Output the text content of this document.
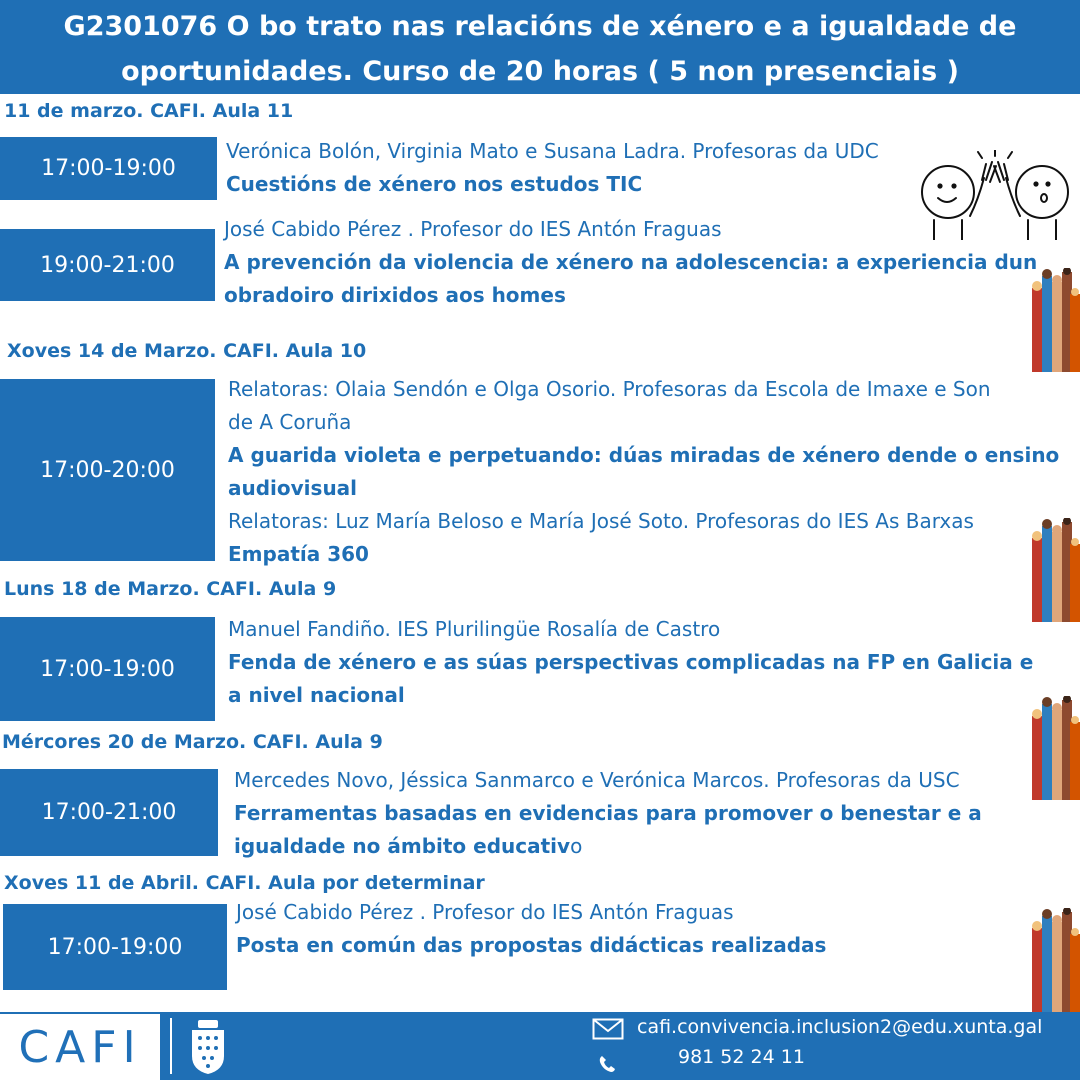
G2301076 O bo trato nas relacións de xénero e a igualdade de
oportunidades. Curso de 20 horas ( 5 non presenciais )
11 de marzo. CAFI. Aula 11
17:00-19:00
Verónica Bolón, Virginia Mato e Susana Ladra. Profesoras da UDC
Cuestións de xénero nos estudos TIC
19:00-21:00
José Cabido Pérez . Profesor do IES Antón Fraguas
A prevención da violencia de xénero na adolescencia: a experiencia dun
obradoiro dirixidos aos homes
Xoves 14 de Marzo. CAFI. Aula 10
17:00-20:00
Relatoras: Olaia Sendón e Olga Osorio. Profesoras da Escola de Imaxe e Son
de A Coruña
A guarida violeta e perpetuando: dúas miradas de xénero dende o ensino
audiovisual
Relatoras: Luz María Beloso e María José Soto. Profesoras do IES As Barxas
Empatía 360
Luns 18 de Marzo. CAFI. Aula 9
17:00-19:00
Manuel Fandiño. IES Plurilingüe Rosalía de Castro
Fenda de xénero e as súas perspectivas complicadas na FP en Galicia e
a nivel nacional
Mércores 20 de Marzo. CAFI. Aula 9
17:00-21:00
Mercedes Novo, Jéssica Sanmarco e Verónica Marcos. Profesoras da USC
Ferramentas basadas en evidencias para promover o benestar e a
igualdade no ámbito educativo
Xoves 11 de Abril. CAFI. Aula por determinar
17:00-19:00
José Cabido Pérez . Profesor do IES Antón Fraguas
Posta en común das propostas didácticas realizadas
CAFI	cafi.convivencia.inclusion2@edu.xunta.gal
981 52 24 11
